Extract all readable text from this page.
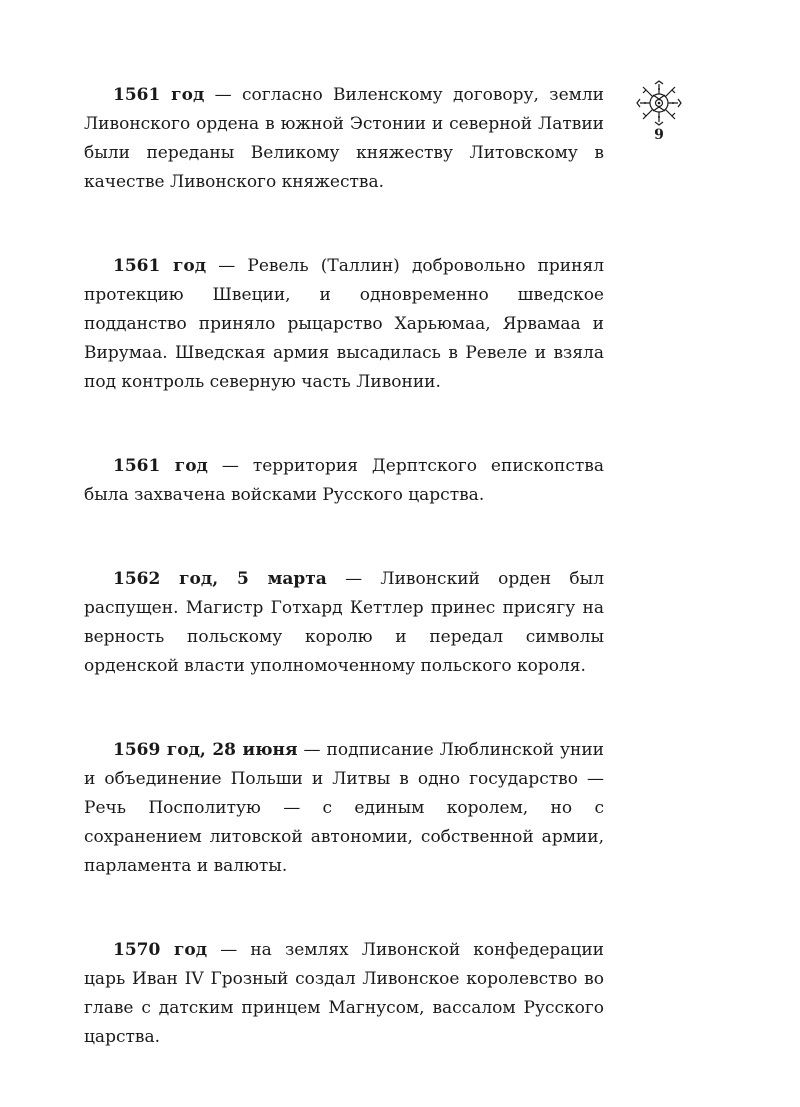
1561 год — согласно Виленскому договору, земли Ливонского ордена в южной Эстонии и северной Латвии были переданы Великому княжеству Литовскому в качестве Ливонского княжества.

1561 год — Ревель (Таллин) добровольно принял протекцию Швеции, и одновременно шведское подданство приняло рыцарство Харьюмаа, Ярвамаа и Вирумаа. Шведская армия высадилась в Ревеле и взяла под контроль северную часть Ливонии.

1561 год — территория Дерптского епископства была захвачена войсками Русского царства.

1562 год, 5 марта — Ливонский орден был распущен. Магистр Готхард Кеттлер принес присягу на верность польскому королю и передал символы орденской власти уполномоченному польского короля.

1569 год, 28 июня — подписание Люблинской унии и объединение Польши и Литвы в одно государство — Речь Посполитую — с единым королем, но с сохранением литовской автономии, собственной армии, парламента и валюты.

1570 год — на землях Ливонской конфедерации царь Иван IV Грозный создал Ливонское королевство во главе с датским принцем Магнусом, вассалом Русского царства.

9
